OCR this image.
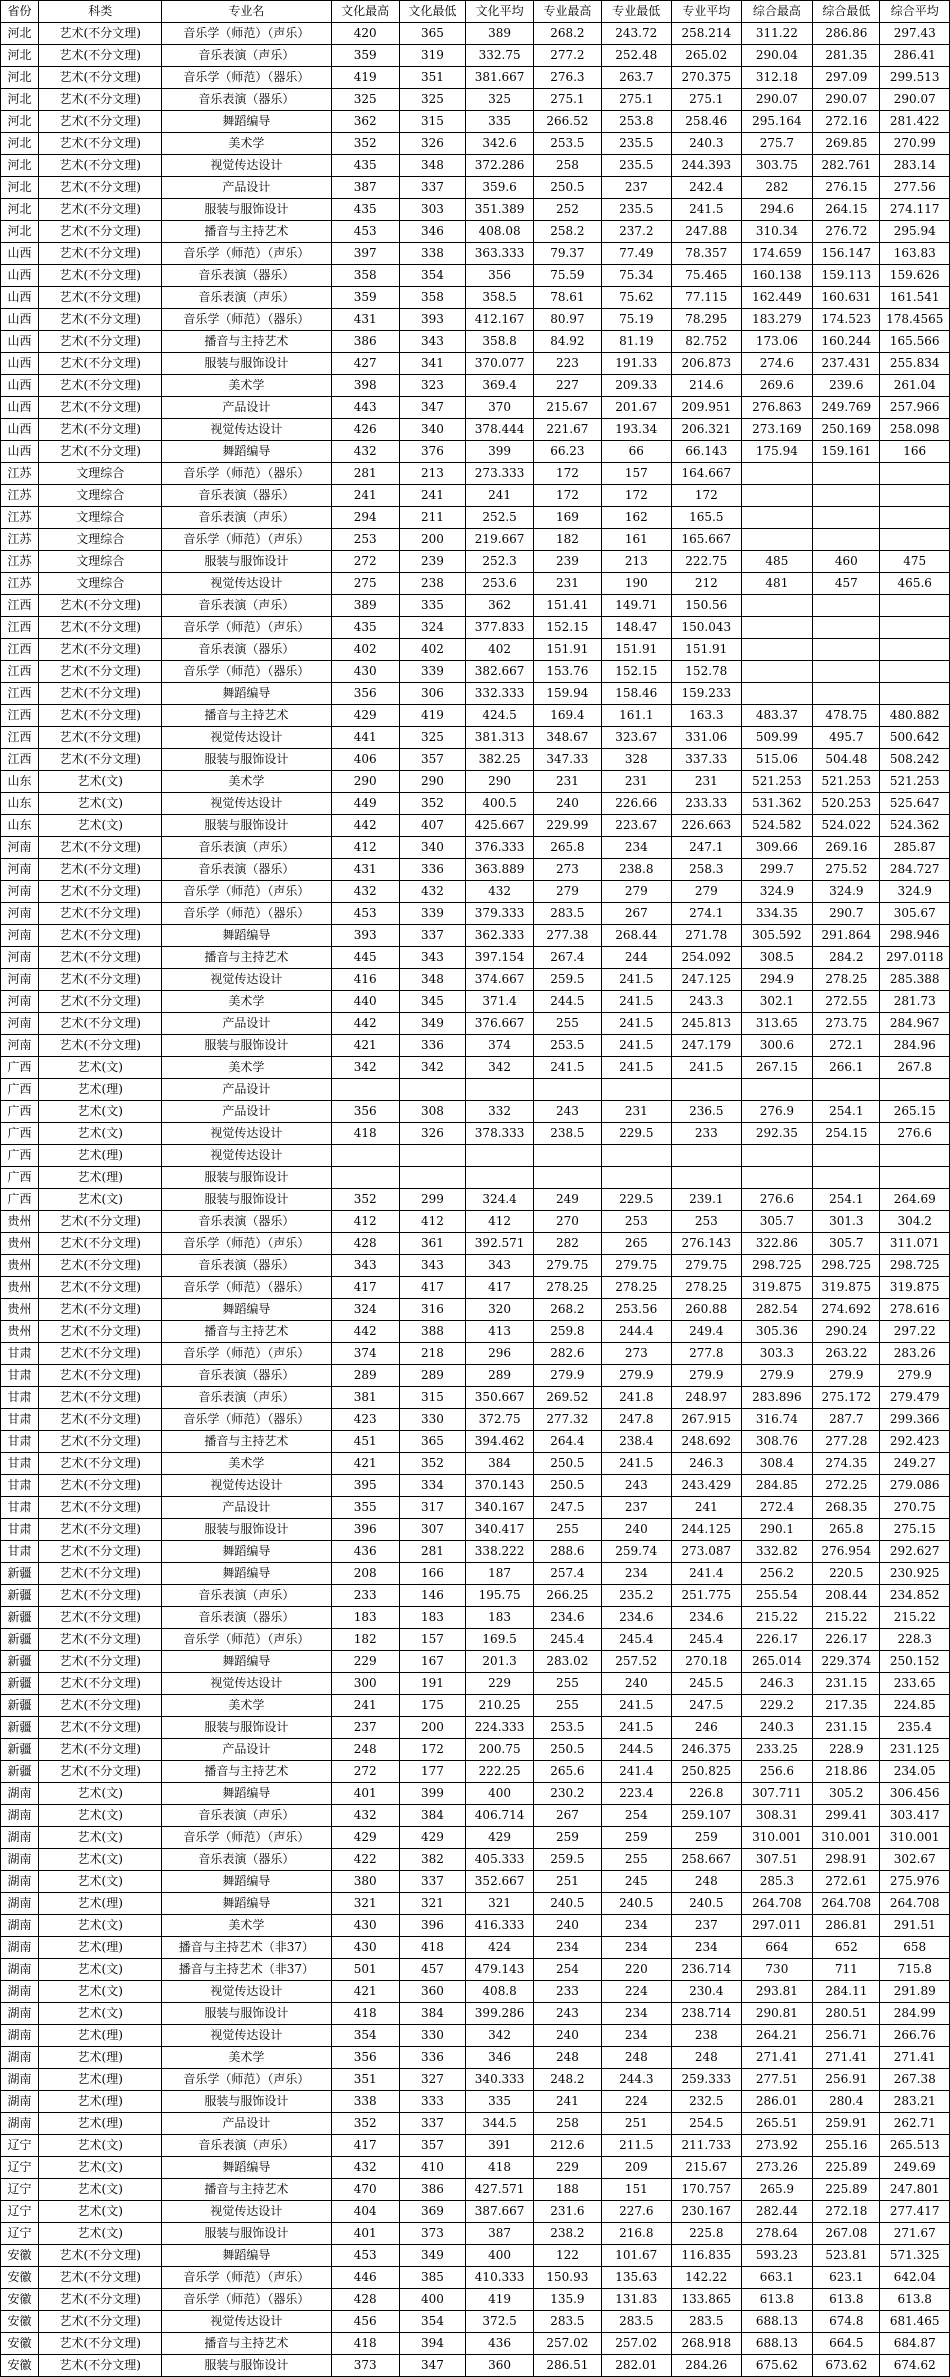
省份	科类	专业名	文化最高	文化最低	文化平均	专业最高	专业最低	专业平均	综合最高	综合最低	综合平均
河北	艺术(不分文理)	音乐学（师范）（声乐）	420	365	389	268.2	243.72	258.214	311.22	286.86	297.43
河北	艺术(不分文理)	音乐表演（声乐）	359	319	332.75	277.2	252.48	265.02	290.04	281.35	286.41
河北	艺术(不分文理)	音乐学（师范）（器乐）	419	351	381.667	276.3	263.7	270.375	312.18	297.09	299.513
河北	艺术(不分文理)	音乐表演（器乐）	325	325	325	275.1	275.1	275.1	290.07	290.07	290.07
河北	艺术(不分文理)	舞蹈编导	362	315	335	266.52	253.8	258.46	295.164	272.16	281.422
河北	艺术(不分文理)	美术学	352	326	342.6	253.5	235.5	240.3	275.7	269.85	270.99
河北	艺术(不分文理)	视觉传达设计	435	348	372.286	258	235.5	244.393	303.75	282.761	283.14
河北	艺术(不分文理)	产品设计	387	337	359.6	250.5	237	242.4	282	276.15	277.56
河北	艺术(不分文理)	服装与服饰设计	435	303	351.389	252	235.5	241.5	294.6	264.15	274.117
河北	艺术(不分文理)	播音与主持艺术	453	346	408.08	258.2	237.2	247.88	310.34	276.72	295.94
山西	艺术(不分文理)	音乐学（师范）（声乐）	397	338	363.333	79.37	77.49	78.357	174.659	156.147	163.83
山西	艺术(不分文理)	音乐表演（器乐）	358	354	356	75.59	75.34	75.465	160.138	159.113	159.626
山西	艺术(不分文理)	音乐表演（声乐）	359	358	358.5	78.61	75.62	77.115	162.449	160.631	161.541
山西	艺术(不分文理)	音乐学（师范）（器乐）	431	393	412.167	80.97	75.19	78.295	183.279	174.523	178.4565
山西	艺术(不分文理)	播音与主持艺术	386	343	358.8	84.92	81.19	82.752	173.06	160.244	165.566
山西	艺术(不分文理)	服装与服饰设计	427	341	370.077	223	191.33	206.873	274.6	237.431	255.834
山西	艺术(不分文理)	美术学	398	323	369.4	227	209.33	214.6	269.6	239.6	261.04
山西	艺术(不分文理)	产品设计	443	347	370	215.67	201.67	209.951	276.863	249.769	257.966
山西	艺术(不分文理)	视觉传达设计	426	340	378.444	221.67	193.34	206.321	273.169	250.169	258.098
山西	艺术(不分文理)	舞蹈编导	432	376	399	66.23	66	66.143	175.94	159.161	166
江苏	文理综合	音乐学（师范）（器乐）	281	213	273.333	172	157	164.667			
江苏	文理综合	音乐表演（器乐）	241	241	241	172	172	172			
江苏	文理综合	音乐表演（声乐）	294	211	252.5	169	162	165.5			
江苏	文理综合	音乐学（师范）（声乐）	253	200	219.667	182	161	165.667			
江苏	文理综合	服装与服饰设计	272	239	252.3	239	213	222.75	485	460	475
江苏	文理综合	视觉传达设计	275	238	253.6	231	190	212	481	457	465.6
江西	艺术(不分文理)	音乐表演（声乐）	389	335	362	151.41	149.71	150.56			
江西	艺术(不分文理)	音乐学（师范）（声乐）	435	324	377.833	152.15	148.47	150.043			
江西	艺术(不分文理)	音乐表演（器乐）	402	402	402	151.91	151.91	151.91			
江西	艺术(不分文理)	音乐学（师范）（器乐）	430	339	382.667	153.76	152.15	152.78			
江西	艺术(不分文理)	舞蹈编导	356	306	332.333	159.94	158.46	159.233			
江西	艺术(不分文理)	播音与主持艺术	429	419	424.5	169.4	161.1	163.3	483.37	478.75	480.882
江西	艺术(不分文理)	视觉传达设计	441	325	381.313	348.67	323.67	331.06	509.99	495.7	500.642
江西	艺术(不分文理)	服装与服饰设计	406	357	382.25	347.33	328	337.33	515.06	504.48	508.242
山东	艺术(文)	美术学	290	290	290	231	231	231	521.253	521.253	521.253
山东	艺术(文)	视觉传达设计	449	352	400.5	240	226.66	233.33	531.362	520.253	525.647
山东	艺术(文)	服装与服饰设计	442	407	425.667	229.99	223.67	226.663	524.582	524.022	524.362
河南	艺术(不分文理)	音乐表演（声乐）	412	340	376.333	265.8	234	247.1	309.66	269.16	285.87
河南	艺术(不分文理)	音乐表演（器乐）	431	336	363.889	273	238.8	258.3	299.7	275.52	284.727
河南	艺术(不分文理)	音乐学（师范）（声乐）	432	432	432	279	279	279	324.9	324.9	324.9
河南	艺术(不分文理)	音乐学（师范）（器乐）	453	339	379.333	283.5	267	274.1	334.35	290.7	305.67
河南	艺术(不分文理)	舞蹈编导	393	337	362.333	277.38	268.44	271.78	305.592	291.864	298.946
河南	艺术(不分文理)	播音与主持艺术	445	343	397.154	267.4	244	254.092	308.5	284.2	297.0118
河南	艺术(不分文理)	视觉传达设计	416	348	374.667	259.5	241.5	247.125	294.9	278.25	285.388
河南	艺术(不分文理)	美术学	440	345	371.4	244.5	241.5	243.3	302.1	272.55	281.73
河南	艺术(不分文理)	产品设计	442	349	376.667	255	241.5	245.813	313.65	273.75	284.967
河南	艺术(不分文理)	服装与服饰设计	421	336	374	253.5	241.5	247.179	300.6	272.1	284.96
广西	艺术(文)	美术学	342	342	342	241.5	241.5	241.5	267.15	266.1	267.8
广西	艺术(理)	产品设计									
广西	艺术(文)	产品设计	356	308	332	243	231	236.5	276.9	254.1	265.15
广西	艺术(文)	视觉传达设计	418	326	378.333	238.5	229.5	233	292.35	254.15	276.6
广西	艺术(理)	视觉传达设计									
广西	艺术(理)	服装与服饰设计									
广西	艺术(文)	服装与服饰设计	352	299	324.4	249	229.5	239.1	276.6	254.1	264.69
贵州	艺术(不分文理)	音乐表演（器乐）	412	412	412	270	253	253	305.7	301.3	304.2
贵州	艺术(不分文理)	音乐学（师范）（声乐）	428	361	392.571	282	265	276.143	322.86	305.7	311.071
贵州	艺术(不分文理)	音乐表演（器乐）	343	343	343	279.75	279.75	279.75	298.725	298.725	298.725
贵州	艺术(不分文理)	音乐学（师范）（器乐）	417	417	417	278.25	278.25	278.25	319.875	319.875	319.875
贵州	艺术(不分文理)	舞蹈编导	324	316	320	268.2	253.56	260.88	282.54	274.692	278.616
贵州	艺术(不分文理)	播音与主持艺术	442	388	413	259.8	244.4	249.4	305.36	290.24	297.22
甘肃	艺术(不分文理)	音乐学（师范）（声乐）	374	218	296	282.6	273	277.8	303.3	263.22	283.26
甘肃	艺术(不分文理)	音乐表演（器乐）	289	289	289	279.9	279.9	279.9	279.9	279.9	279.9
甘肃	艺术(不分文理)	音乐表演（声乐）	381	315	350.667	269.52	241.8	248.97	283.896	275.172	279.479
甘肃	艺术(不分文理)	音乐学（师范）（器乐）	423	330	372.75	277.32	247.8	267.915	316.74	287.7	299.366
甘肃	艺术(不分文理)	播音与主持艺术	451	365	394.462	264.4	238.4	248.692	308.76	277.28	292.423
甘肃	艺术(不分文理)	美术学	421	352	384	250.5	241.5	246.3	308.4	274.35	249.27
甘肃	艺术(不分文理)	视觉传达设计	395	334	370.143	250.5	243	243.429	284.85	272.25	279.086
甘肃	艺术(不分文理)	产品设计	355	317	340.167	247.5	237	241	272.4	268.35	270.75
甘肃	艺术(不分文理)	服装与服饰设计	396	307	340.417	255	240	244.125	290.1	265.8	275.15
甘肃	艺术(不分文理)	舞蹈编导	436	281	338.222	288.6	259.74	273.087	332.82	276.954	292.627
新疆	艺术(不分文理)	舞蹈编导	208	166	187	257.4	234	241.4	256.2	220.5	230.925
新疆	艺术(不分文理)	音乐表演（声乐）	233	146	195.75	266.25	235.2	251.775	255.54	208.44	234.852
新疆	艺术(不分文理)	音乐表演（器乐）	183	183	183	234.6	234.6	234.6	215.22	215.22	215.22
新疆	艺术(不分文理)	音乐学（师范）（声乐）	182	157	169.5	245.4	245.4	245.4	226.17	226.17	228.3
新疆	艺术(不分文理)	舞蹈编导	229	167	201.3	283.02	257.52	270.18	265.014	229.374	250.152
新疆	艺术(不分文理)	视觉传达设计	300	191	229	255	240	245.5	246.3	231.15	233.65
新疆	艺术(不分文理)	美术学	241	175	210.25	255	241.5	247.5	229.2	217.35	224.85
新疆	艺术(不分文理)	服装与服饰设计	237	200	224.333	253.5	241.5	246	240.3	231.15	235.4
新疆	艺术(不分文理)	产品设计	248	172	200.75	250.5	244.5	246.375	233.25	228.9	231.125
新疆	艺术(不分文理)	播音与主持艺术	272	177	222.25	265.6	241.4	250.825	256.6	218.86	234.05
湖南	艺术(文)	舞蹈编导	401	399	400	230.2	223.4	226.8	307.711	305.2	306.456
湖南	艺术(文)	音乐表演（声乐）	432	384	406.714	267	254	259.107	308.31	299.41	303.417
湖南	艺术(文)	音乐学（师范）（声乐）	429	429	429	259	259	259	310.001	310.001	310.001
湖南	艺术(文)	音乐表演（器乐）	422	382	405.333	259.5	255	258.667	307.51	298.91	302.67
湖南	艺术(文)	舞蹈编导	380	337	352.667	251	245	248	285.3	272.61	275.976
湖南	艺术(理)	舞蹈编导	321	321	321	240.5	240.5	240.5	264.708	264.708	264.708
湖南	艺术(文)	美术学	430	396	416.333	240	234	237	297.011	286.81	291.51
湖南	艺术(理)	播音与主持艺术（非37）	430	418	424	234	234	234	664	652	658
湖南	艺术(文)	播音与主持艺术（非37）	501	457	479.143	254	220	236.714	730	711	715.8
湖南	艺术(文)	视觉传达设计	421	360	408.8	233	224	230.4	293.81	284.11	291.89
湖南	艺术(文)	服装与服饰设计	418	384	399.286	243	234	238.714	290.81	280.51	284.99
湖南	艺术(理)	视觉传达设计	354	330	342	240	234	238	264.21	256.71	266.76
湖南	艺术(理)	美术学	356	336	346	248	248	248	271.41	271.41	271.41
湖南	艺术(理)	音乐学（师范）（声乐）	351	327	340.333	248.2	244.3	259.333	277.51	256.91	267.38
湖南	艺术(理)	服装与服饰设计	338	333	335	241	224	232.5	286.01	280.4	283.21
湖南	艺术(理)	产品设计	352	337	344.5	258	251	254.5	265.51	259.91	262.71
辽宁	艺术(文)	音乐表演（声乐）	417	357	391	212.6	211.5	211.733	273.92	255.16	265.513
辽宁	艺术(文)	舞蹈编导	432	410	418	229	209	215.67	273.26	225.89	249.69
辽宁	艺术(文)	播音与主持艺术	470	386	427.571	188	151	170.757	265.9	225.89	247.801
辽宁	艺术(文)	视觉传达设计	404	369	387.667	231.6	227.6	230.167	282.44	272.18	277.417
辽宁	艺术(文)	服装与服饰设计	401	373	387	238.2	216.8	225.8	278.64	267.08	271.67
安徽	艺术(不分文理)	舞蹈编导	453	349	400	122	101.67	116.835	593.23	523.81	571.325
安徽	艺术(不分文理)	音乐学（师范）（声乐）	446	385	410.333	150.93	135.63	142.22	663.1	623.1	642.04
安徽	艺术(不分文理)	音乐学（师范）（器乐）	428	400	419	135.9	131.83	133.865	613.8	613.8	613.8
安徽	艺术(不分文理)	视觉传达设计	456	354	372.5	283.5	283.5	283.5	688.13	674.8	681.465
安徽	艺术(不分文理)	播音与主持艺术	418	394	436	257.02	257.02	268.918	688.13	664.5	684.87
安徽	艺术(不分文理)	服装与服饰设计	373	347	360	286.51	282.01	284.26	675.62	673.62	674.62
